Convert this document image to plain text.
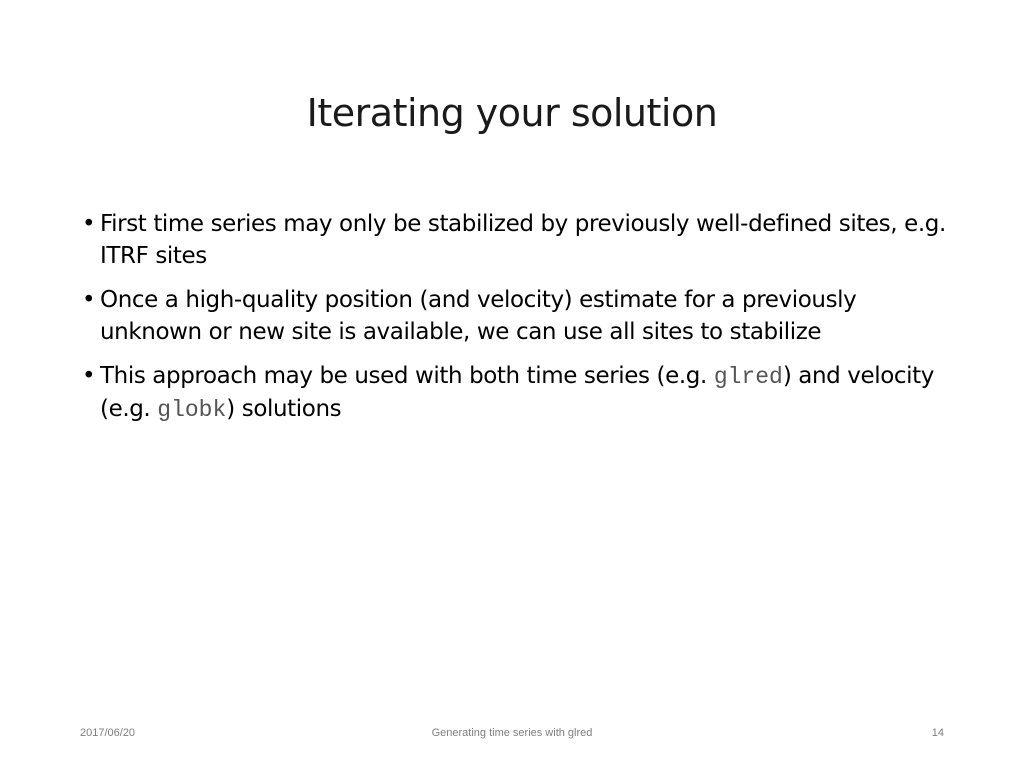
Iterating your solution
• First time series may only be stabilized by previously well-defined sites, e.g. ITRF sites
• Once a high-quality position (and velocity) estimate for a previously unknown or new site is available, we can use all sites to stabilize
• This approach may be used with both time series (e.g. glred) and velocity (e.g. globk) solutions
2017/06/20	Generating time series with glred	14
